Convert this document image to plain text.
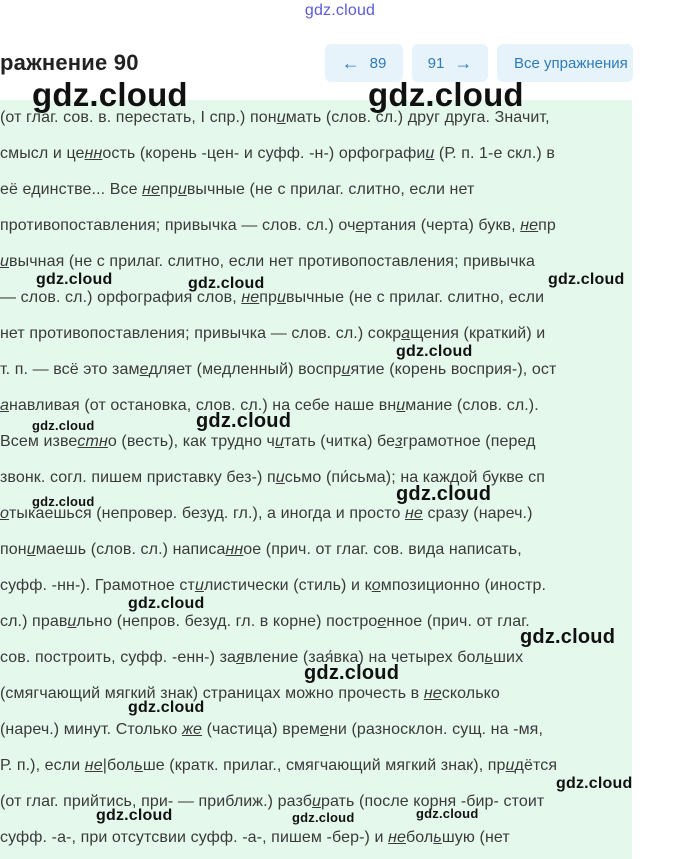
gdz.cloud
ражнение 90	← 89	91 →	Все упражнения
(от глаг. сов. в. перестать, I спр.) понимать (слов. сл.) друг друга. Значит,
смысл и ценность (корень -цен- и суфф. -н-) орфографии (Р. п. 1-е скл.) в
её единстве... Все непривычные (не с прилаг. слитно, если нет
противопоставления; привычка — слов. сл.) очертания (черта) букв, непр
ивычная (не с прилаг. слитно, если нет противопоставления; привычка
— слов. сл.) орфография слов, непривычные (не с прилаг. слитно, если
нет противопоставления; привычка — слов. сл.) сокращения (краткий) и
т. п. — всё это замедляет (медленный) восприятие (корень восприя-), ост
анавливая (от остановка, слов. сл.) на себе наше внимание (слов. сл.).
Всем известно (весть), как трудно читать (читка) безграмотное (перед
звонк. согл. пишем приставку без-) письмо (пи́сьма); на каждой букве сп
отыкаешься (непровер. безуд. гл.), а иногда и просто не сразу (нареч.)
понимаешь (слов. сл.) написанное (прич. от глаг. сов. вида написать,
суфф. -нн-). Грамотное стилистически (стиль) и композиционно (иностр.
сл.) правильно (непров. безуд. гл. в корне) построенное (прич. от глаг.
сов. построить, суфф. -енн-) заявление (зая́вка) на четырех больших
(смягчающий мягкий знак) страницах можно прочесть в несколько
(нареч.) минут. Столько же (частица) времени (разносклон. сущ. на -мя,
Р. п.), если не|больше (кратк. прилаг., смягчающий мягкий знак), придётся
(от глаг. прийтись, при- — приближ.) разбирать (после корня -бир- стоит
суфф. -а-, при отсутсвии суфф. -а-, пишем -бер-) и небольшую (нет
gdz.cloud	gdz.cloud
gdz.cloud	gdz.cloud	gdz.cloud
gdz.cloud
gdz.cloud
gdz.cloud
gdz.cloud
gdz.cloud
gdz.cloud
gdz.cloud
gdz.cloud
gdz.cloud
gdz.cloud
gdz.cloud	gdz.cloud	gdz.cloud
